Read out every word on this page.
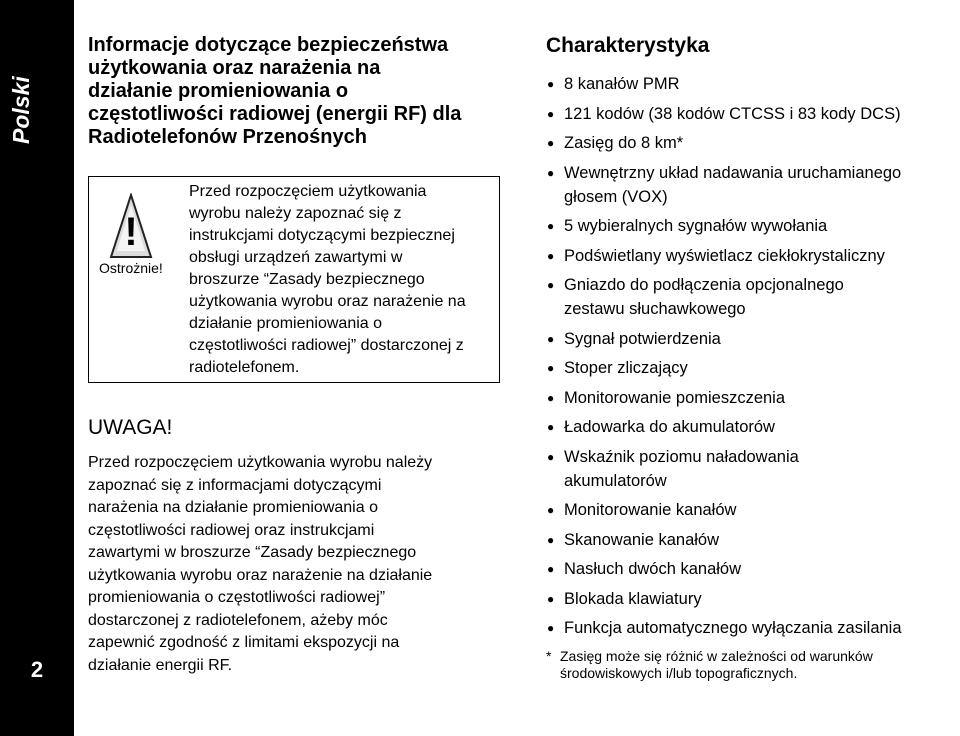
Polski
2
Informacje dotyczące bezpieczeństwa
użytkowania oraz narażenia na
działanie promieniowania o
częstotliwości radiowej (energii RF) dla
Radiotelefonów Przenośnych
!
Ostrożnie!
Przed rozpoczęciem użytkowania
wyrobu należy zapoznać się z
instrukcjami dotyczącymi bezpiecznej
obsługi urządzeń zawartymi w
broszurze “Zasady bezpiecznego
użytkowania wyrobu oraz narażenie na
działanie promieniowania o
częstotliwości radiowej” dostarczonej z
radiotelefonem.
UWAGA!
Przed rozpoczęciem użytkowania wyrobu należy
zapoznać się z informacjami dotyczącymi
narażenia na działanie promieniowania o
częstotliwości radiowej oraz instrukcjami
zawartymi w broszurze “Zasady bezpiecznego
użytkowania wyrobu oraz narażenie na działanie
promieniowania o częstotliwości radiowej”
dostarczonej z radiotelefonem, ażeby móc
zapewnić zgodność z limitami ekspozycji na
działanie energii RF.
Charakterystyka
● 8 kanałów PMR
● 121 kodów (38 kodów CTCSS i 83 kody DCS)
● Zasięg do 8 km*
● Wewnętrzny układ nadawania uruchamianego
głosem (VOX)
● 5 wybieralnych sygnałów wywołania
● Podświetlany wyświetlacz ciekłokrystaliczny
● Gniazdo do podłączenia opcjonalnego
zestawu słuchawkowego
● Sygnał potwierdzenia
● Stoper zliczający
● Monitorowanie pomieszczenia
● Ładowarka do akumulatorów
● Wskaźnik poziomu naładowania
akumulatorów
● Monitorowanie kanałów
● Skanowanie kanałów
● Nasłuch dwóch kanałów
● Blokada klawiatury
● Funkcja automatycznego wyłączania zasilania
* Zasięg może się różnić w zależności od warunków
środowiskowych i/lub topograficznych.
